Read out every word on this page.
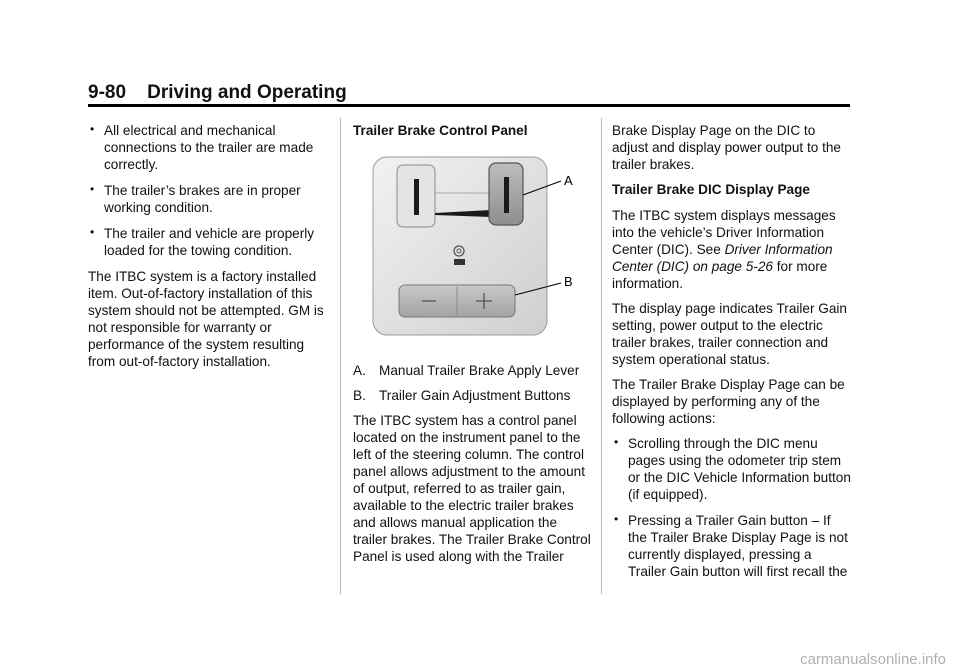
9-80 Driving and Operating
• All electrical and mechanical connections to the trailer are made correctly.
• The trailer’s brakes are in proper working condition.
• The trailer and vehicle are properly loaded for the towing condition.

The ITBC system is a factory installed item. Out-of-factory installation of this system should not be attempted. GM is not responsible for warranty or performance of the system resulting from out-of-factory installation.

Trailer Brake Control Panel
A
B
A. Manual Trailer Brake Apply Lever
B. Trailer Gain Adjustment Buttons

The ITBC system has a control panel located on the instrument panel to the left of the steering column. The control panel allows adjustment to the amount of output, referred to as trailer gain, available to the electric trailer brakes and allows manual application the trailer brakes. The Trailer Brake Control Panel is used along with the Trailer

Brake Display Page on the DIC to adjust and display power output to the trailer brakes.

Trailer Brake DIC Display Page

The ITBC system displays messages into the vehicle’s Driver Information Center (DIC). See Driver Information Center (DIC) on page 5-26 for more information.

The display page indicates Trailer Gain setting, power output to the electric trailer brakes, trailer connection and system operational status.

The Trailer Brake Display Page can be displayed by performing any of the following actions:

• Scrolling through the DIC menu pages using the odometer trip stem or the DIC Vehicle Information button (if equipped).
• Pressing a Trailer Gain button – If the Trailer Brake Display Page is not currently displayed, pressing a Trailer Gain button will first recall the
carmanualsonline.info
